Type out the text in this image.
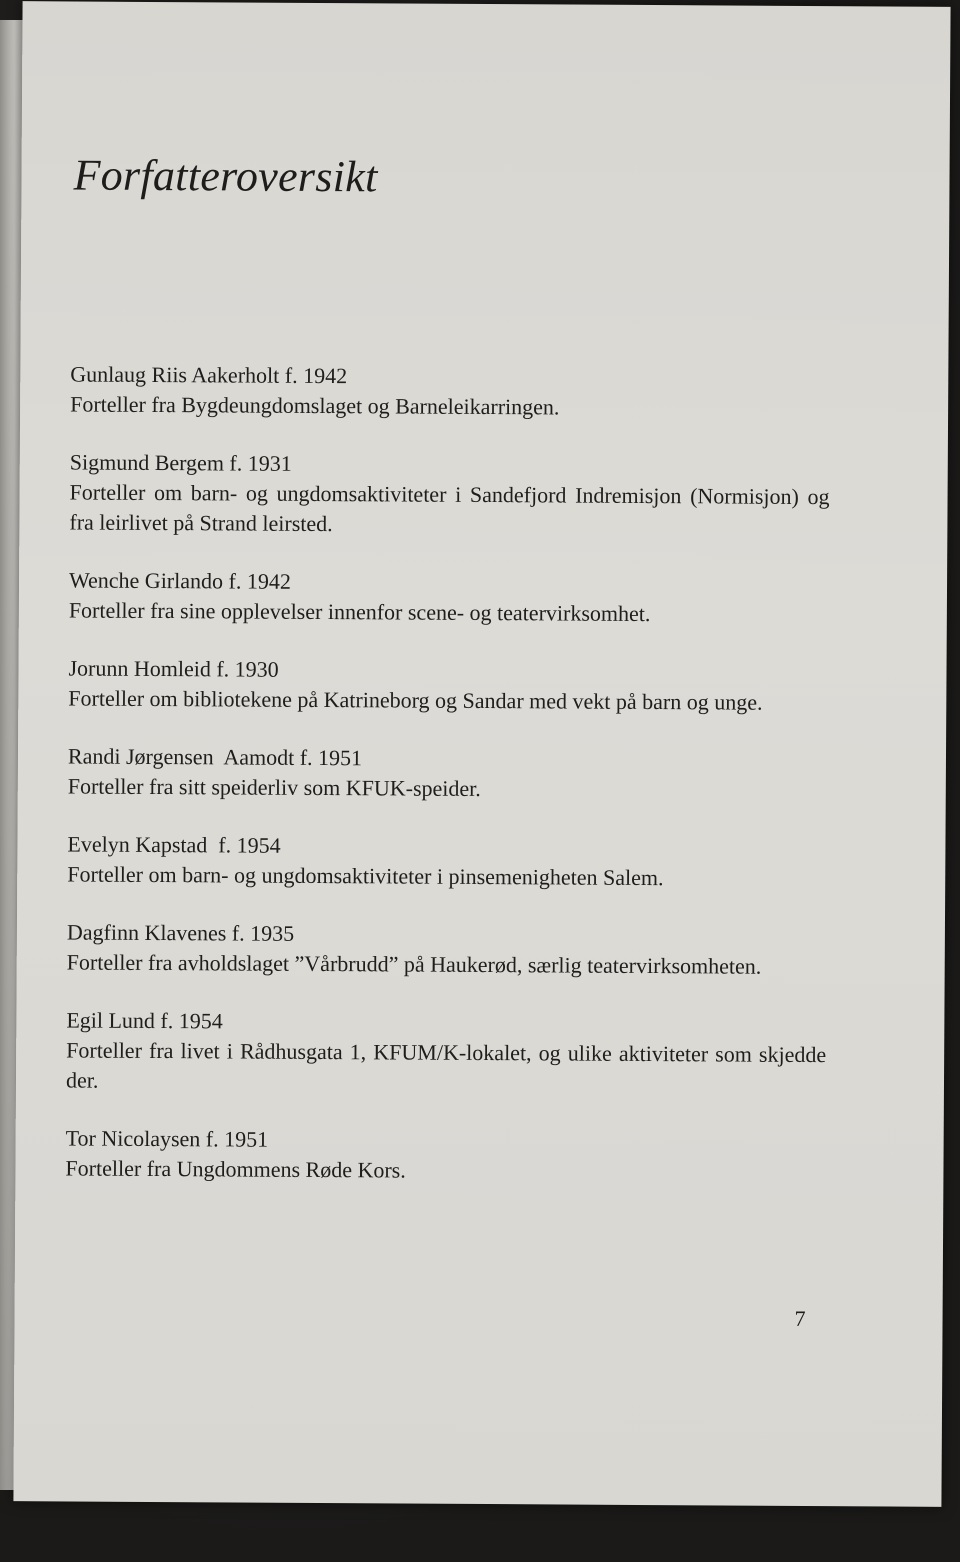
Forfatteroversikt

Gunlaug Riis Aakerholt f. 1942

Forteller fra Bygdeungdomslaget og Barneleikarringen.

Sigmund Bergem f. 1931

Forteller om barn- og ungdomsaktiviteter i Sandefjord Indremisjon (Normisjon) og fra leirlivet på Strand leirsted.

Wenche Girlando f. 1942

Forteller fra sine opplevelser innenfor scene- og teatervirksomhet.

Jorunn Homleid f. 1930

Forteller om bibliotekene på Katrineborg og Sandar med vekt på barn og unge.

Randi Jørgensen  Aamodt f. 1951

Forteller fra sitt speiderliv som KFUK-speider.

Evelyn Kapstad  f. 1954

Forteller om barn- og ungdomsaktiviteter i pinsemenigheten Salem.

Dagfinn Klavenes f. 1935

Forteller fra avholdslaget ”Vårbrudd” på Haukerød, særlig teatervirksomheten.

Egil Lund f. 1954

Forteller fra livet i Rådhusgata 1, KFUM/K-lokalet, og ulike aktiviteter som skjedde der.

Tor Nicolaysen f. 1951

Forteller fra Ungdommens Røde Kors.

7
